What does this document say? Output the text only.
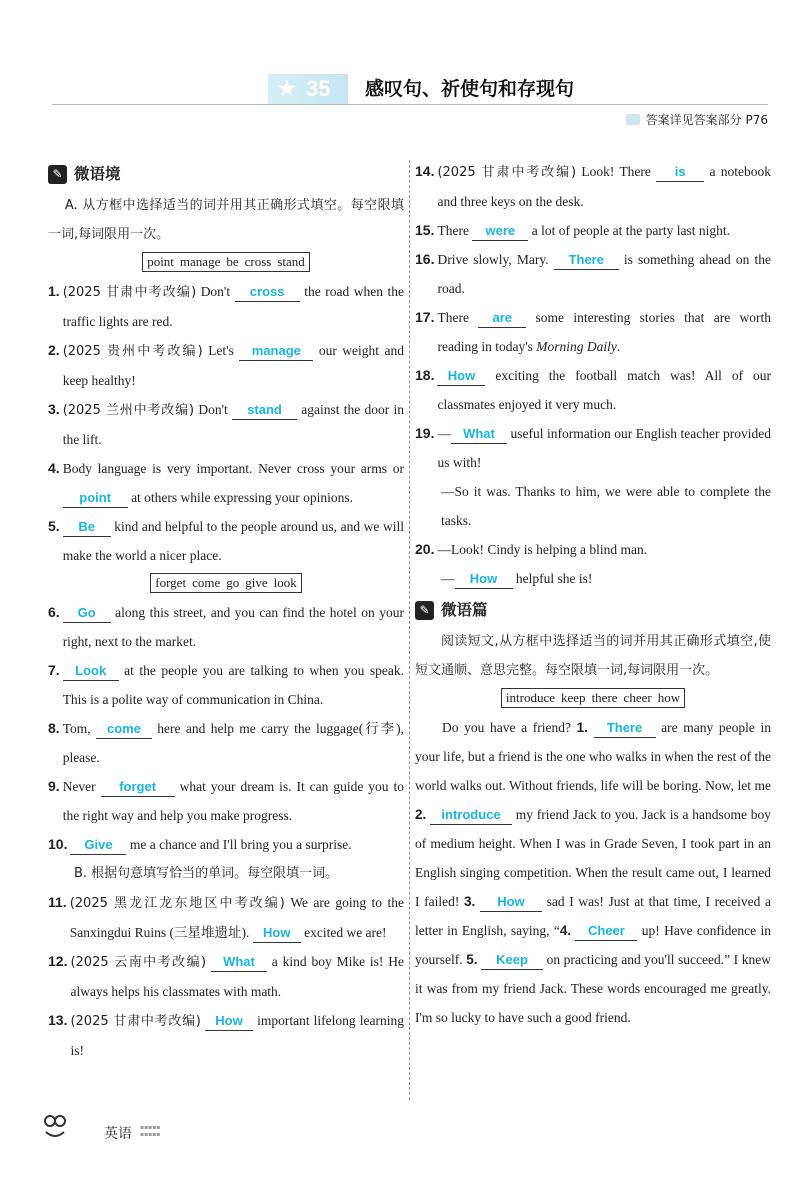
★ 35 感叹句、祈使句和存现句
答案详见答案部分 P76
✎ 微语境
A. 从方框中选择适当的词并用其正确形式填空。每空限填一词,每词限用一次。
point manage be cross stand
1. (2025 甘肃中考改编) Don't cross the road when the traffic lights are red.
2. (2025 贵州中考改编) Let's manage our weight and keep healthy!
3. (2025 兰州中考改编) Don't stand against the door in the lift.
4. Body language is very important. Never cross your arms or point at others while expressing your opinions.
5.	Be kind and helpful to the people around us, and we will make the world a nicer place.
forget come go give look
6.	Go along this street, and you can find the hotel on your right, next to the market.
7.	Look at the people you are talking to when you speak. This is a polite way of communication in China.
8. Tom, come here and help me carry the luggage(行李), please.
9. Never forget what your dream is. It can guide you to the right way and help you make progress.
10.	Give me a chance and I'll bring you a surprise.
B. 根据句意填写恰当的单词。每空限填一词。
11. (2025 黑龙江龙东地区中考改编) We are going to the Sanxingdui Ruins (三星堆遗址). How excited we are!
12. (2025 云南中考改编) What a kind boy Mike is! He always helps his classmates with math.
13. (2025 甘肃中考改编) How important lifelong learning is!
14. (2025 甘肃中考改编) Look! There is a notebook and three keys on the desk.
15. There were a lot of people at the party last night.
16. Drive slowly, Mary. There is something ahead on the road.
17. There are some interesting stories that are worth reading in today's Morning Daily.
18.	How exciting the football match was! All of our classmates enjoyed it very much.
19. — What useful information our English teacher provided us with!
—So it was. Thanks to him, we were able to complete the tasks.
20. —Look! Cindy is helping a blind man.
— How helpful she is!
✎ 微语篇
阅读短文,从方框中选择适当的词并用其正确形式填空,使短文通顺、意思完整。每空限填一词,每词限用一次。
introduce keep there cheer how
Do you have a friend? 1. There are many people in your life, but a friend is the one who walks in when the rest of the world walks out. Without friends, life will be boring. Now, let me 2. introduce my friend Jack to you. Jack is a handsome boy of medium height. When I was in Grade Seven, I took part in an English singing competition. When the result came out, I learned I failed! 3. How sad I was! Just at that time, I received a letter in English, saying, “4. Cheer up! Have confidence in yourself. 5. Keep on practicing and you'll succeed.” I knew it was from my friend Jack. These words encouraged me greatly. I'm so lucky to have such a good friend.
英语 ▪▪▪▪▪
▪▪▪▪▪
